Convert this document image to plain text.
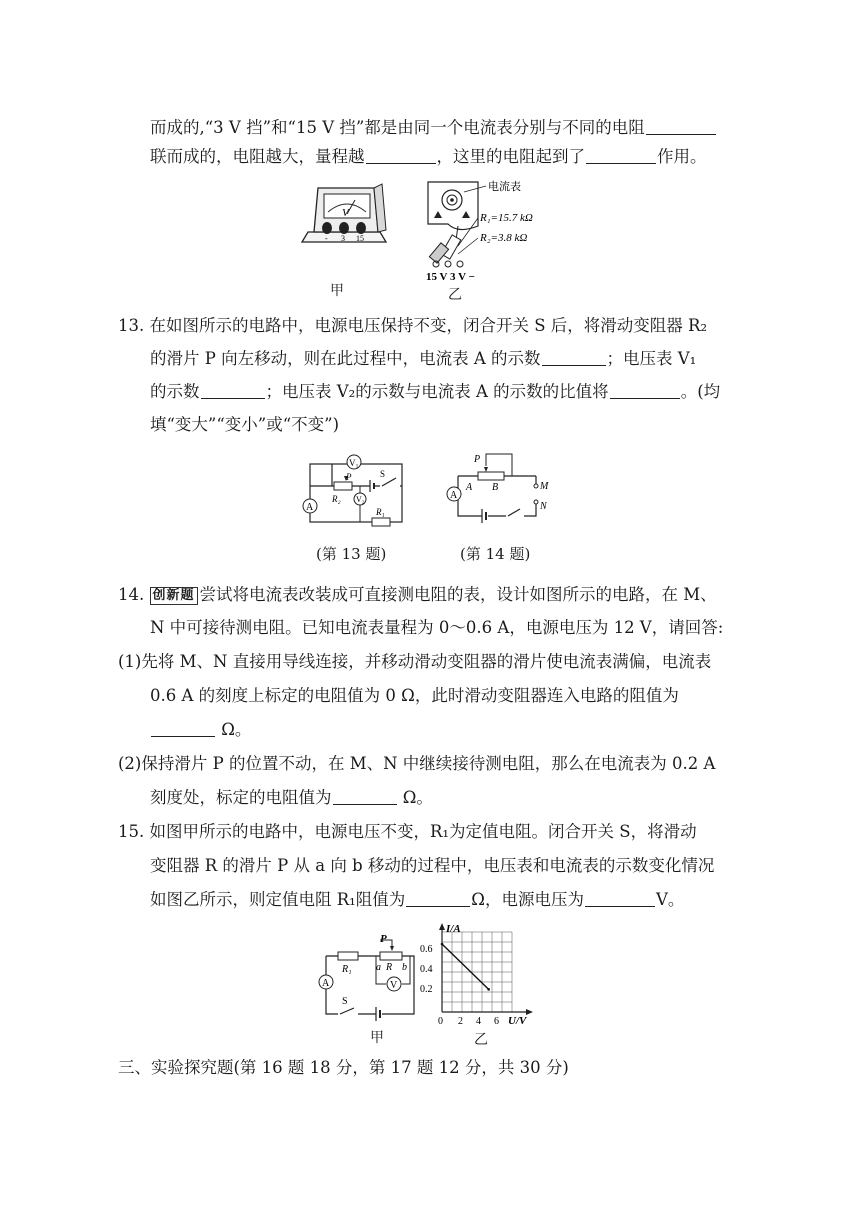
而成的,“3 V 挡”和“15 V 挡”都是由同一个电流表分别与不同的电阻
联而成的，电阻越大，量程越	，这里的电阻起到了	作用。
V
- 3 15
甲
电流表
R₁=15.7 kΩ
R₂=3.8 kΩ
15 V 3 V −
乙
13. 在如图所示的电路中，电源电压保持不变，闭合开关 S 后，将滑动变阻器 R₂
的滑片 P 向左移动，则在此过程中，电流表 A 的示数	；电压表 V₁
的示数	；电压表 V₂的示数与电流表 A 的示数的比值将	。(均
填“变大”“变小”或“不变”)
A
V₁
P
R₂ V₂
S
R₁
(第 13 题)
P
A B	M
N
A
(第 14 题)
14. 创新题 尝试将电流表改装成可直接测电阻的表，设计如图所示的电路，在 M、
N 中可接待测电阻。已知电流表量程为 0～0.6 A，电源电压为 12 V，请回答:
(1)先将 M、N 直接用导线连接，并移动滑动变阻器的滑片使电流表满偏，电流表
0.6 A 的刻度上标定的电阻值为 0 Ω，此时滑动变阻器连入电路的阻值为
Ω。
(2)保持滑片 P 的位置不动，在 M、N 中继续接待测电阻，那么在电流表为 0.2 A
刻度处，标定的电阻值为	Ω。
15. 如图甲所示的电路中，电源电压不变，R₁为定值电阻。闭合开关 S，将滑动
变阻器 R 的滑片 P 从 a 向 b 移动的过程中，电压表和电流表的示数变化情况
如图乙所示，则定值电阻 R₁阻值为	Ω，电源电压为	V。
R₁
P
a R b
V
A
S
甲
I/A
U/V
0.6
0.4
0.2
0 2 4 6
乙
三、实验探究题(第 16 题 18 分，第 17 题 12 分，共 30 分)
